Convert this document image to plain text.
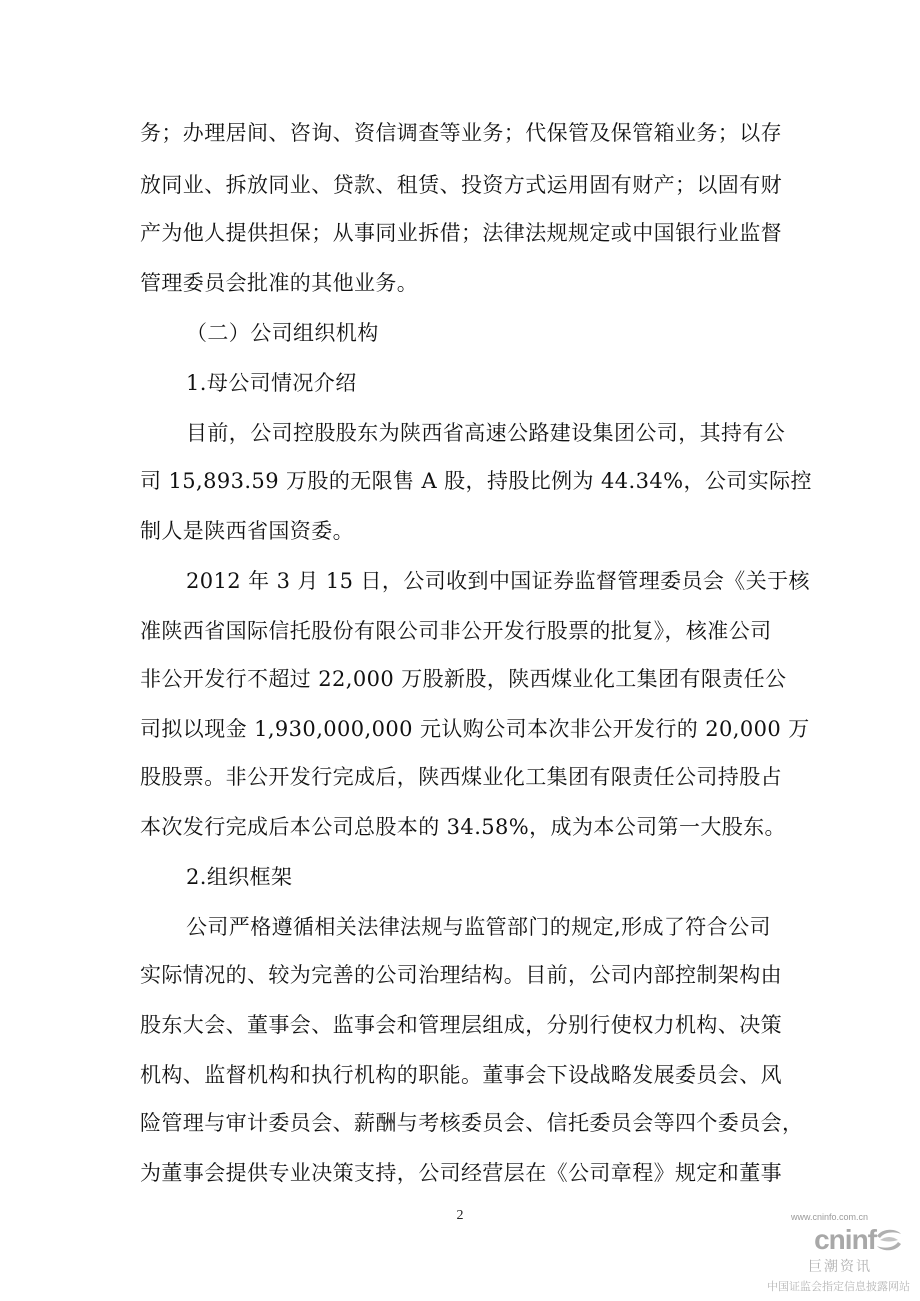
务；办理居间、咨询、资信调查等业务；代保管及保管箱业务；以存
放同业、拆放同业、贷款、租赁、投资方式运用固有财产；以固有财
产为他人提供担保；从事同业拆借；法律法规规定或中国银行业监督
管理委员会批准的其他业务。
（二）公司组织机构
1.母公司情况介绍
目前，公司控股股东为陕西省高速公路建设集团公司，其持有公
司 15,893.59 万股的无限售 A 股，持股比例为 44.34%，公司实际控
制人是陕西省国资委。
2012 年 3 月 15 日，公司收到中国证券监督管理委员会《关于核
准陕西省国际信托股份有限公司非公开发行股票的批复》，核准公司
非公开发行不超过 22,000 万股新股，陕西煤业化工集团有限责任公
司拟以现金 1,930,000,000 元认购公司本次非公开发行的 20,000 万
股股票。非公开发行完成后，陕西煤业化工集团有限责任公司持股占
本次发行完成后本公司总股本的 34.58%，成为本公司第一大股东。
2.组织框架
公司严格遵循相关法律法规与监管部门的规定,形成了符合公司
实际情况的、较为完善的公司治理结构。目前，公司内部控制架构由
股东大会、董事会、监事会和管理层组成，分别行使权力机构、决策
机构、监督机构和执行机构的职能。董事会下设战略发展委员会、风
险管理与审计委员会、薪酬与考核委员会、信托委员会等四个委员会，
为董事会提供专业决策支持，公司经营层在《公司章程》规定和董事
2	www.cninfo.com.cn
cninf
巨潮资讯
中国证监会指定信息披露网站
